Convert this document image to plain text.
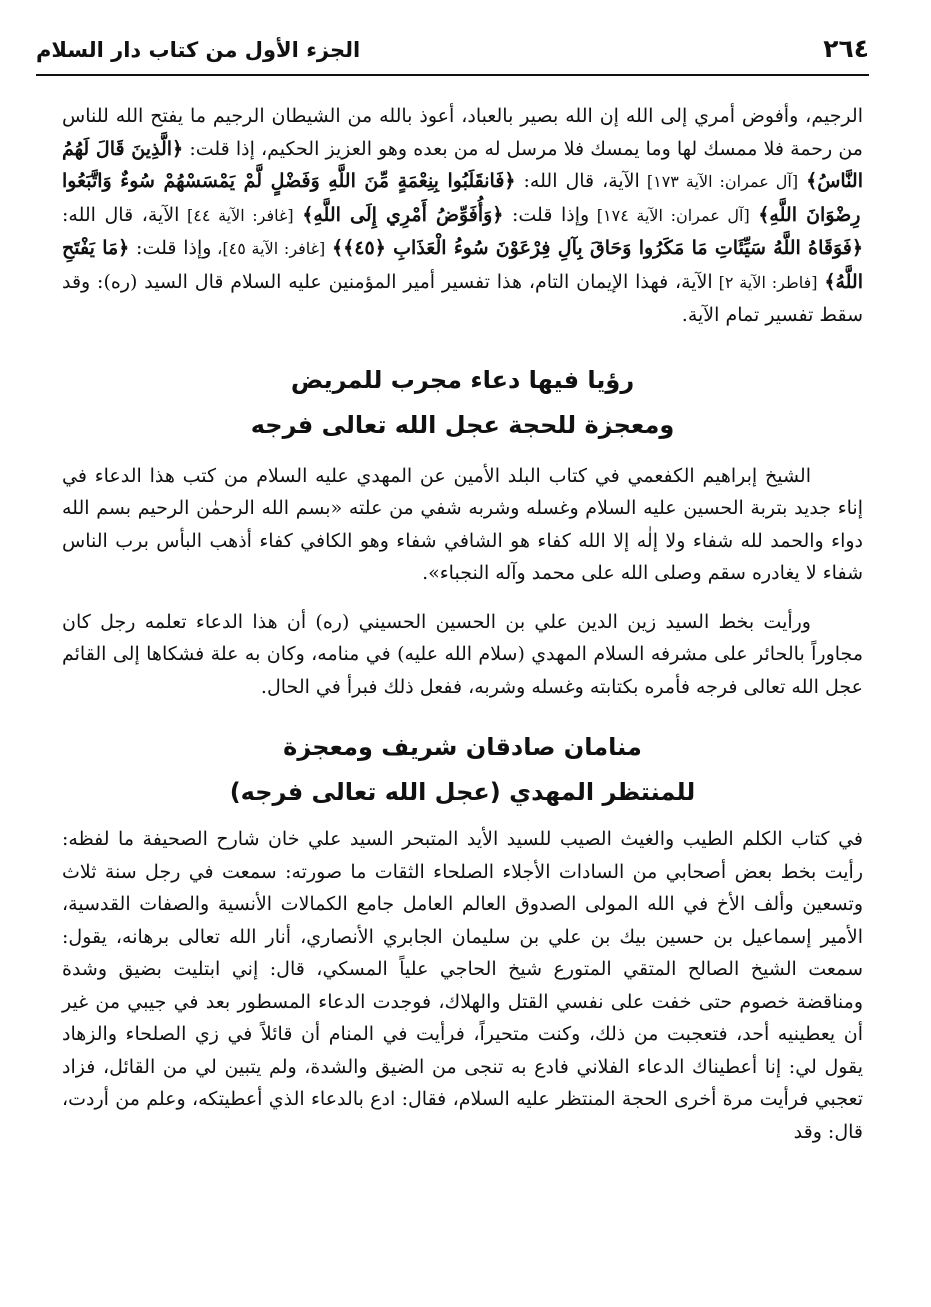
٢٦٤
الجزء الأول من كتاب دار السلام

الرجيم، وأفوض أمري إلى الله إن الله بصير بالعباد، أعوذ بالله من الشيطان الرجيم ما يفتح الله للناس من رحمة فلا ممسك لها وما يمسك فلا مرسل له من بعده وهو العزيز الحكيم، إذا قلت: ﴿الَّذِينَ قَالَ لَهُمُ النَّاسُ﴾ [آل عمران: الآية ١٧٣] الآية، قال الله: ﴿فَانقَلَبُوا بِنِعْمَةٍ مِّنَ اللَّهِ وَفَضْلٍ لَّمْ يَمْسَسْهُمْ سُوءٌ وَاتَّبَعُوا رِضْوَانَ اللَّهِ﴾ [آل عمران: الآية ١٧٤] وإذا قلت: ﴿وَأُفَوِّضُ أَمْرِي إِلَى اللَّهِ﴾ [غافر: الآية ٤٤] الآية، قال الله: ﴿فَوَقَاهُ اللَّهُ سَيِّئَاتِ مَا مَكَرُوا وَحَاقَ بِآلِ فِرْعَوْنَ سُوءُ الْعَذَابِ ﴿٤٥﴾﴾ [غافر: الآية ٤٥]، وإذا قلت: ﴿مَا يَفْتَحِ اللَّهُ﴾ [فاطر: الآية ٢] الآية، فهذا الإيمان التام، هذا تفسير أمير المؤمنين عليه السلام قال السيد (ره): وقد سقط تفسير تمام الآية.

رؤيا فيها دعاء مجرب للمريض

ومعجزة للحجة عجل الله تعالى فرجه

الشيخ إبراهيم الكفعمي في كتاب البلد الأمين عن المهدي عليه السلام من كتب هذا الدعاء في إناء جديد بتربة الحسين عليه السلام وغسله وشربه شفي من علته «بسم الله الرحمٰن الرحيم بسم الله دواء والحمد لله شفاء ولا إلٰه إلا الله كفاء هو الشافي شفاء وهو الكافي كفاء أذهب البأس برب الناس شفاء لا يغادره سقم وصلى الله على محمد وآله النجباء».

ورأيت بخط السيد زين الدين علي بن الحسين الحسيني (ره) أن هذا الدعاء تعلمه رجل كان مجاوراً بالحائر على مشرفه السلام المهدي (سلام الله عليه) في منامه، وكان به علة فشكاها إلى القائم عجل الله تعالى فرجه فأمره بكتابته وغسله وشربه، ففعل ذلك فبرأ في الحال.

منامان صادقان شريف ومعجزة

للمنتظر المهدي (عجل الله تعالى فرجه)

في كتاب الكلم الطيب والغيث الصيب للسيد الأيد المتبحر السيد علي خان شارح الصحيفة ما لفظه: رأيت بخط بعض أصحابي من السادات الأجلاء الصلحاء الثقات ما صورته: سمعت في رجل سنة ثلاث وتسعين وألف الأخ في الله المولى الصدوق العالم العامل جامع الكمالات الأنسية والصفات القدسية، الأمير إسماعيل بن حسين بيك بن علي بن سليمان الجابري الأنصاري، أنار الله تعالى برهانه، يقول: سمعت الشيخ الصالح المتقي المتورع شيخ الحاجي علياً المسكي، قال: إني ابتليت بضيق وشدة ومناقضة خصوم حتى خفت على نفسي القتل والهلاك، فوجدت الدعاء المسطور بعد في جيبي من غير أن يعطينيه أحد، فتعجبت من ذلك، وكنت متحيراً، فرأيت في المنام أن قائلاً في زي الصلحاء والزهاد يقول لي: إنا أعطيناك الدعاء الفلاني فادع به تنجى من الضيق والشدة، ولم يتبين لي من القائل، فزاد تعجبي فرأيت مرة أخرى الحجة المنتظر عليه السلام، فقال: ادع بالدعاء الذي أعطيتكه، وعلم من أردت، قال: وقد
